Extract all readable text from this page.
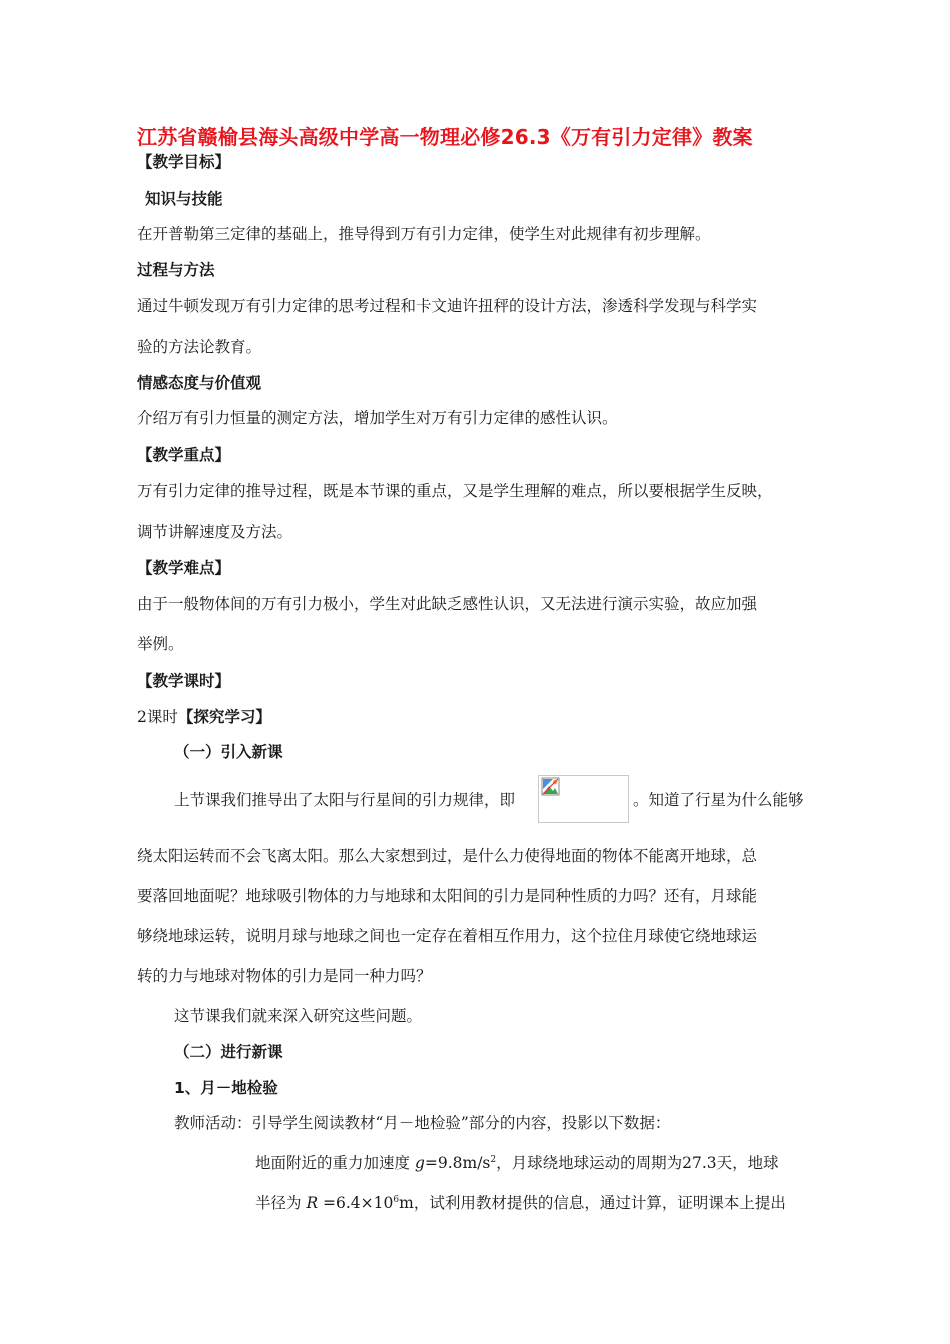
江苏省赣榆县海头高级中学高一物理必修26.3《万有引力定律》教案
【教学目标】
知识与技能
在开普勒第三定律的基础上，推导得到万有引力定律，使学生对此规律有初步理解。
过程与方法
通过牛顿发现万有引力定律的思考过程和卡文迪许扭秤的设计方法，渗透科学发现与科学实
验的方法论教育。
情感态度与价值观
介绍万有引力恒量的测定方法，增加学生对万有引力定律的感性认识。
【教学重点】
万有引力定律的推导过程，既是本节课的重点，又是学生理解的难点，所以要根据学生反映，
调节讲解速度及方法。
【教学难点】
由于一般物体间的万有引力极小，学生对此缺乏感性认识，又无法进行演示实验，故应加强
举例。
【教学课时】
2课时【探究学习】
（一）引入新课
上节课我们推导出了太阳与行星间的引力规律，即	。知道了行星为什么能够
绕太阳运转而不会飞离太阳。那么大家想到过，是什么力使得地面的物体不能离开地球，总
要落回地面呢？地球吸引物体的力与地球和太阳间的引力是同种性质的力吗？还有，月球能
够绕地球运转，说明月球与地球之间也一定存在着相互作用力，这个拉住月球使它绕地球运
转的力与地球对物体的引力是同一种力吗？
这节课我们就来深入研究这些问题。
（二）进行新课
1、月－地检验
教师活动：引导学生阅读教材“月－地检验”部分的内容，投影以下数据：
地面附近的重力加速度 $g=9.8m/s^2$，月球绕地球运动的周期为27.3天，地球
半径为 $R =6.4\times 10^6m$，试利用教材提供的信息，通过计算，证明课本上提出
